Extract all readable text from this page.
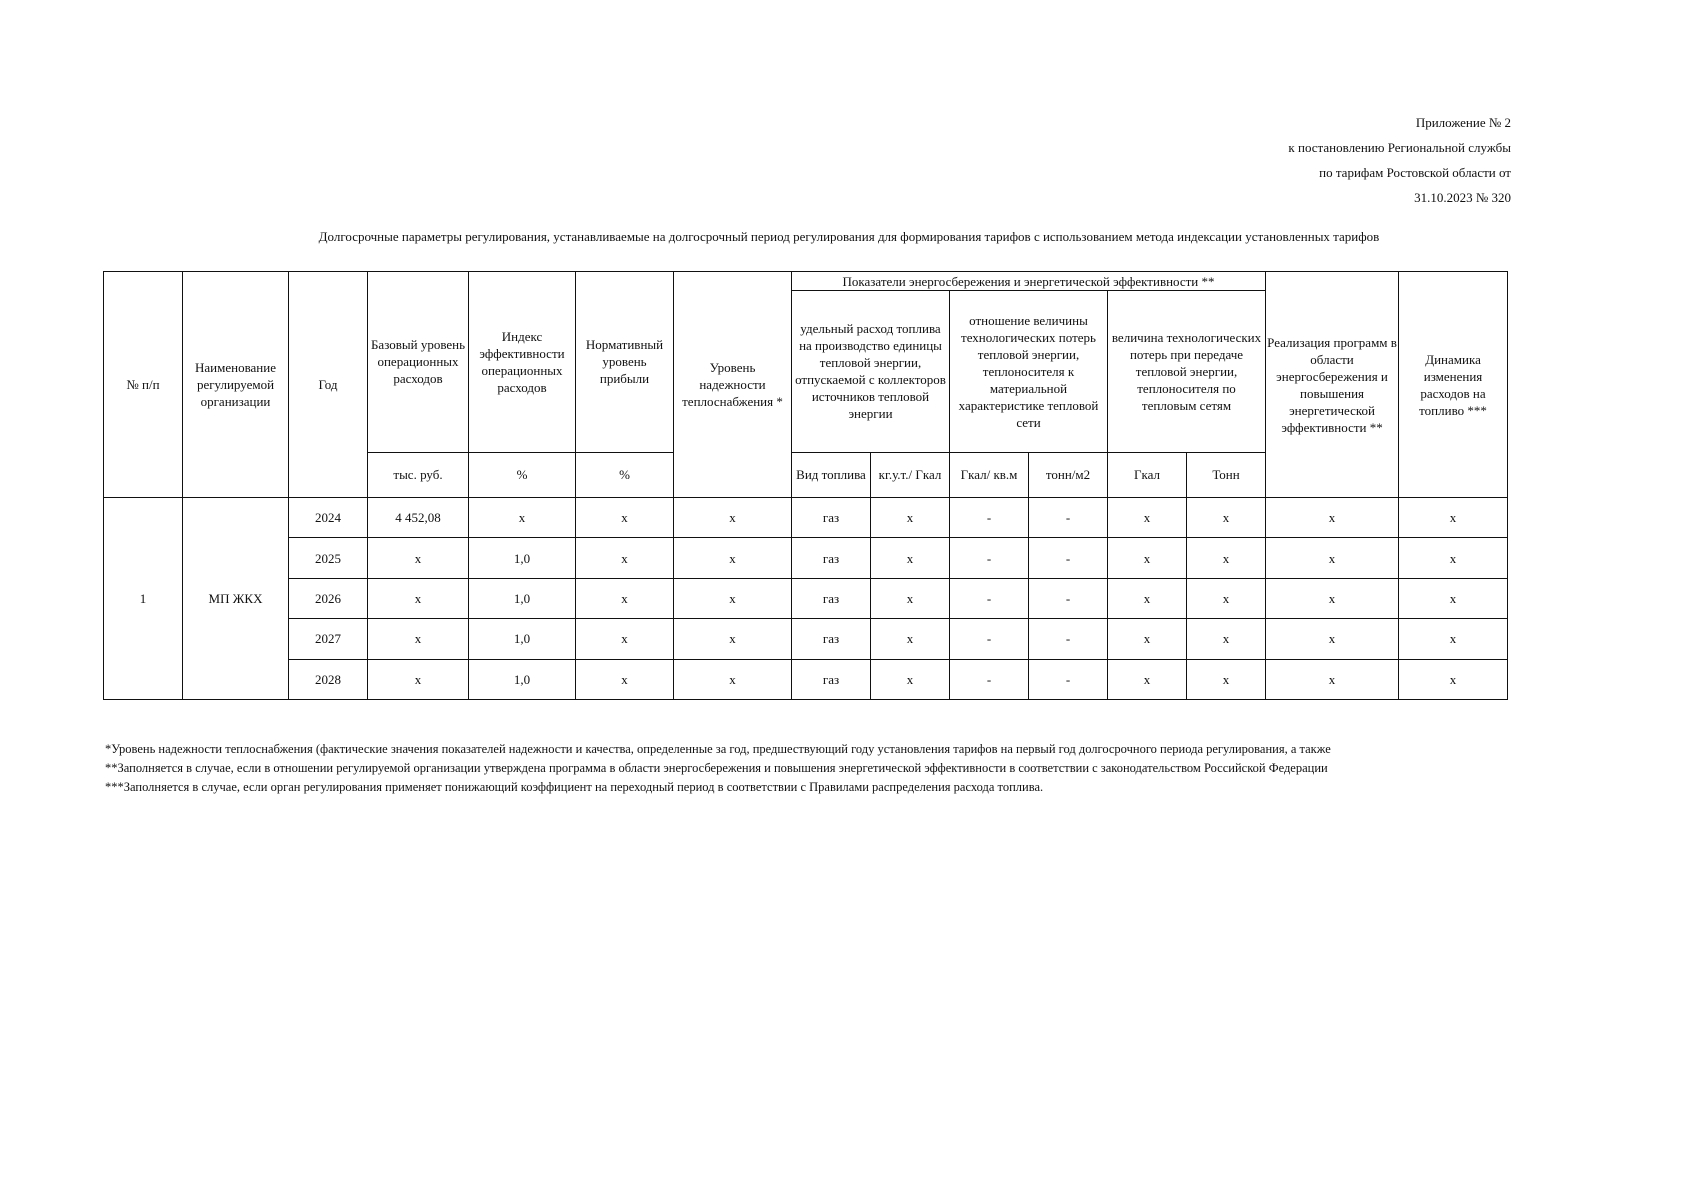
Приложение № 2
к постановлению Региональной службы
по тарифам Ростовской области от
31.10.2023 № 320
Долгосрочные параметры регулирования, устанавливаемые на долгосрочный период регулирования для формирования тарифов с использованием метода индексации установленных тарифов
№ п/п	Наименование регулируемой организации	Год	Базовый уровень операционных расходов	Индекс эффективности операционных расходов	Нормативный уровень прибыли	Уровень надежности теплоснабжения *	Показатели энергосбережения и энергетической эффективности **						Реализация программ в области энергосбережения и повышения энергетической эффективности **	Динамика изменения расходов на топливо ***
							удельный расход топлива на производство единицы тепловой энергии, отпускаемой с коллекторов источников тепловой энергии		отношение величины технологических потерь тепловой энергии, теплоносителя к материальной характеристике тепловой сети		величина технологических потерь при передаче тепловой энергии, теплоносителя по тепловым сетям			
			тыс. руб.	%	%		Вид топлива	кг.у.т./ Гкал	Гкал/ кв.м	тонн/м2	Гкал	Тонн		
1	МП ЖКХ	2024	4 452,08	x	x	x	газ	x	-	-	x	x	x	x
		2025	x	1,0	x	x	газ	x	-	-	x	x	x	x
		2026	x	1,0	x	x	газ	x	-	-	x	x	x	x
		2027	x	1,0	x	x	газ	x	-	-	x	x	x	x
		2028	x	1,0	x	x	газ	x	-	-	x	x	x	x
*Уровень надежности теплоснабжения (фактические значения показателей надежности и качества, определенные за год, предшествующий году установления тарифов на первый год долгосрочного периода регулирования, а также
**Заполняется в случае, если в отношении регулируемой организации утверждена программа в области энергосбережения и повышения энергетической эффективности в соответствии с законодательством Российской Федерации
***Заполняется в случае, если орган регулирования применяет понижающий коэффициент на переходный период в соответствии с Правилами распределения расхода топлива.
